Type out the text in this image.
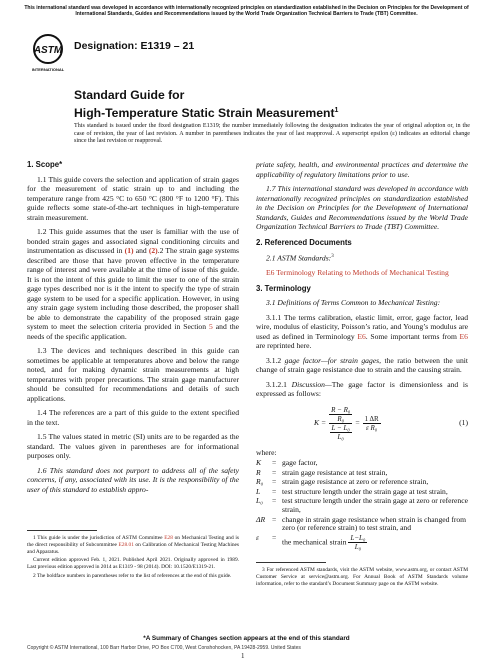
This international standard was developed in accordance with internationally recognized principles on standardization established in the Decision on Principles for the Development of International Standards, Guides and Recommendations issued by the World Trade Organization Technical Barriers to Trade (TBT) Committee.
ASTM
INTERNATIONAL
Designation: E1319 – 21
Standard Guide for
High-Temperature Static Strain Measurement$^1$
This standard is issued under the fixed designation E1319; the number immediately following the designation indicates the year of original adoption or, in the case of revision, the year of last revision. A number in parentheses indicates the year of last reapproval. A superscript epsilon (ε) indicates an editorial change since the last revision or reapproval.
1. Scope*

1.1 This guide covers the selection and application of strain gages for the measurement of static strain up to and including the temperature range from 425 °C to 650 °C (800 °F to 1200 °F). This guide reflects some state-of-the-art techniques in high-temperature strain measurement.

1.2 This guide assumes that the user is familiar with the use of bonded strain gages and associated signal conditioning circuits and instrumentation as discussed in (1) and (2).2 The strain gage systems described are those that have proven effective in the temperature range of interest and were available at the time of issue of this guide. It is not the intent of this guide to limit the user to one of the strain gage types described nor is it the intent to specify the type of strain gage system to be used for a specific application. However, in using any strain gage system including those described, the proposer shall be able to demonstrate the capability of the proposed strain gage system to meet the selection criteria provided in Section 5 and the needs of the specific application.

1.3 The devices and techniques described in this guide can sometimes be applicable at temperatures above and below the range noted, and for making dynamic strain measurements at high temperatures with proper precautions. The strain gage manufacturer should be consulted for recommendations and details of such applications.

1.4 The references are a part of this guide to the extent specified in the text.

1.5 The values stated in metric (SI) units are to be regarded as the standard. The values given in parentheses are for informational purposes only.

1.6 This standard does not purport to address all of the safety concerns, if any, associated with its use. It is the responsibility of the user of this standard to establish appro-

1 This guide is under the jurisdiction of ASTM Committee E28 on Mechanical Testing and is the direct responsibility of Subcommittee E28.01 on Calibration of Mechanical Testing Machines and Apparatus.

Current edition approved Feb. 1, 2021. Published April 2021. Originally approved in 1989. Last previous edition approved in 2014 as E1319 - 98 (2014). DOI: 10.1520/E1319-21.

2 The boldface numbers in parentheses refer to the list of references at the end of this guide.

priate safety, health, and environmental practices and determine the applicability of regulatory limitations prior to use.

1.7 This international standard was developed in accordance with internationally recognized principles on standardization established in the Decision on Principles for the Development of International Standards, Guides and Recommendations issued by the World Trade Organization Technical Barriers to Trade (TBT) Committee.

2. Referenced Documents

2.1 ASTM Standards:$^3$

E6 Terminology Relating to Methods of Mechanical Testing

3. Terminology

3.1 Definitions of Terms Common to Mechanical Testing:

3.1.1 The terms calibration, elastic limit, error, gage factor, lead wire, modulus of elasticity, Poisson’s ratio, and Young’s modulus are used as defined in Terminology E6. Some important terms from E6 are reprinted here.

3.1.2 gage factor—for strain gages, the ratio between the unit change of strain gage resistance due to strain and the causing strain.

3.1.2.1 Discussion—The gage factor is dimensionless and is expressed as follows:

$K = \frac{\frac{\text{R − R₀}}{\text{R₀}}}{\frac{\text{L − L₀}}{\text{L₀}}} = \frac{1 \Delta R}{\text{ε R₀}}$	(1)
where:
K	=	gage factor,
R	=	strain gage resistance at test strain,
R₀	=	strain gage resistance at zero or reference strain,
L	=	test structure length under the strain gage at test strain,
L₀	=	test structure length under the strain gage at zero or reference strain,
ΔR	=	change in strain gage resistance when strain is changed from zero (or reference strain) to test strain, and
ε	=	the mechanical strain $\frac{\text{L−L₀}}{\text{L₀}}$

3 For referenced ASTM standards, visit the ASTM website, www.astm.org, or contact ASTM Customer Service at service@astm.org. For Annual Book of ASTM Standards volume information, refer to the standard’s Document Summary page on the ASTM website.

*A Summary of Changes section appears at the end of this standard
Copyright © ASTM International, 100 Barr Harbor Drive, PO Box C700, West Conshohocken, PA 19428-2959. United States
1
